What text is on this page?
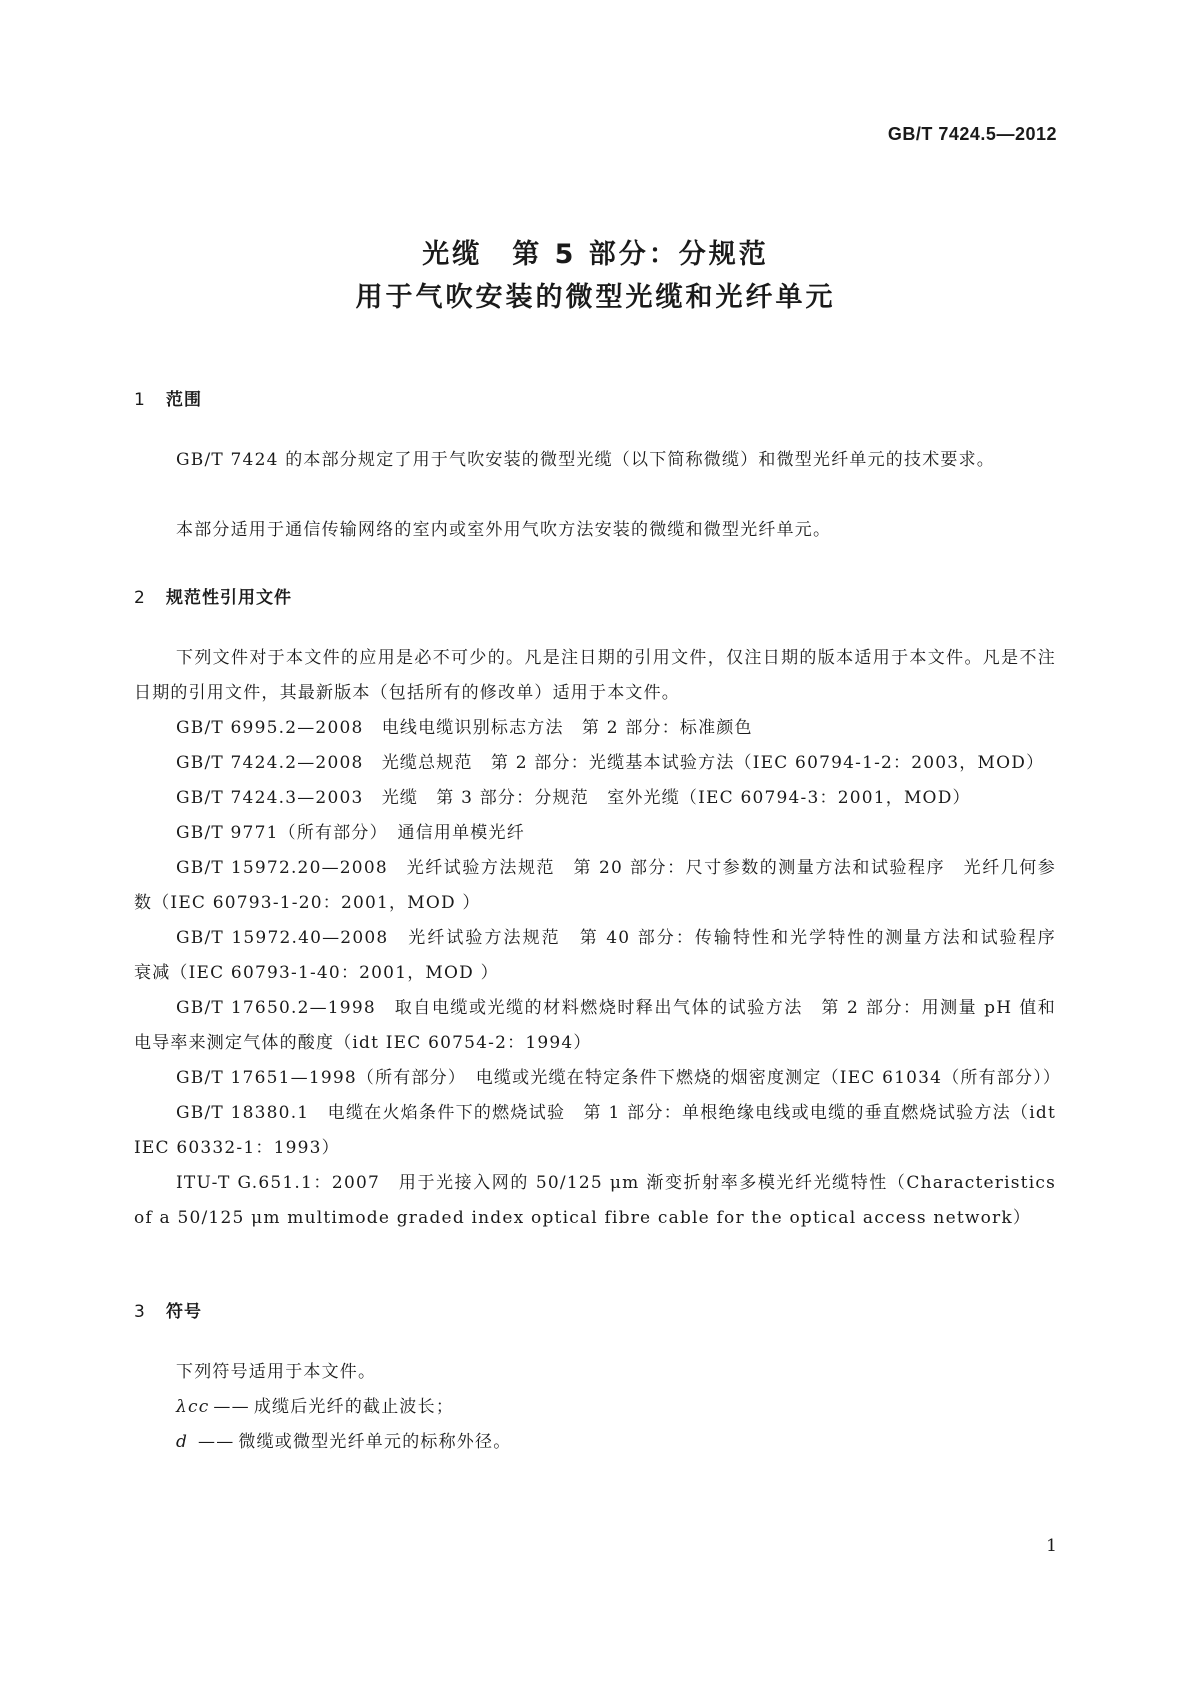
GB/T 7424.5—2012
光缆　第 5 部分：分规范
用于气吹安装的微型光缆和光纤单元
1 范围

GB/T 7424 的本部分规定了用于气吹安装的微型光缆（以下简称微缆）和微型光纤单元的技术要求。

本部分适用于通信传输网络的室内或室外用气吹方法安装的微缆和微型光纤单元。

2 规范性引用文件

下列文件对于本文件的应用是必不可少的。凡是注日期的引用文件，仅注日期的版本适用于本文件。凡是不注日期的引用文件，其最新版本（包括所有的修改单）适用于本文件。

GB/T 6995.2—2008　电线电缆识别标志方法　第 2 部分：标准颜色

GB/T 7424.2—2008　光缆总规范　第 2 部分：光缆基本试验方法（IEC 60794-1-2：2003，MOD）

GB/T 7424.3—2003　光缆　第 3 部分：分规范　室外光缆（IEC 60794-3：2001，MOD）

GB/T 9771（所有部分）　通信用单模光纤

GB/T 15972.20—2008　光纤试验方法规范　第 20 部分：尺寸参数的测量方法和试验程序　光纤几何参数（IEC 60793-1-20：2001，MOD ）

GB/T 15972.40—2008　光纤试验方法规范　第 40 部分：传输特性和光学特性的测量方法和试验程序　衰减（IEC 60793-1-40：2001，MOD ）

GB/T 17650.2—1998　取自电缆或光缆的材料燃烧时释出气体的试验方法　第 2 部分：用测量 pH 值和电导率来测定气体的酸度（idt IEC 60754-2：1994）

GB/T 17651—1998（所有部分）　电缆或光缆在特定条件下燃烧的烟密度测定（IEC 61034（所有部分））

GB/T 18380.1　电缆在火焰条件下的燃烧试验　第 1 部分：单根绝缘电线或电缆的垂直燃烧试验方法（idt IEC 60332-1：1993）

ITU-T G.651.1：2007　用于光接入网的 50/125 μm 渐变折射率多模光纤光缆特性（Characteristics of a 50/125 μm multimode graded index optical fibre cable for the optical access network）

3 符号

下列符号适用于本文件。

λcc —— 成缆后光纤的截止波长；
d —— 微缆或微型光纤单元的标称外径。
1
